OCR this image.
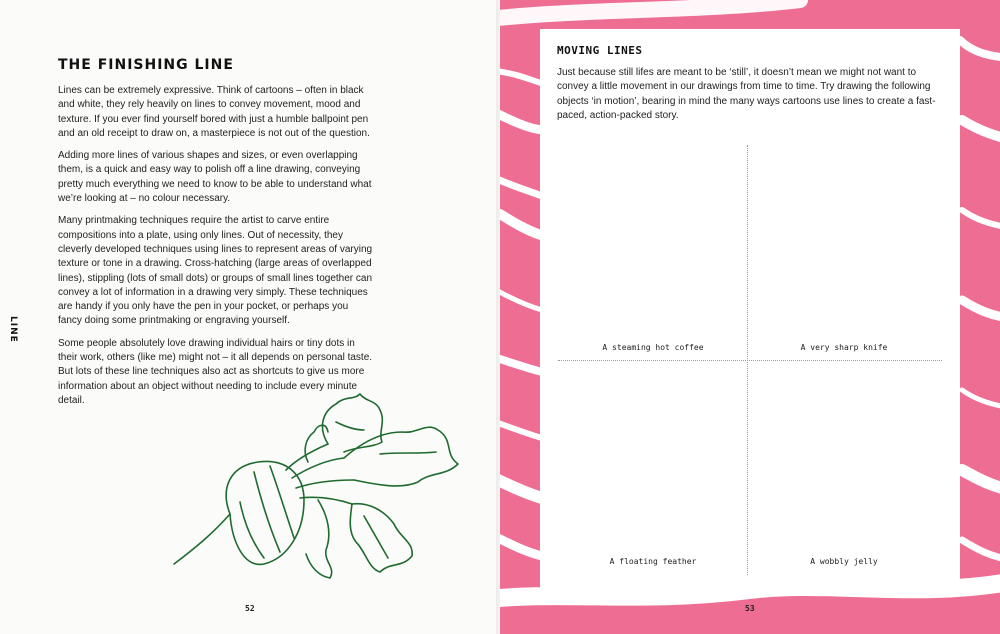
LINE
THE FINISHING LINE

Lines can be extremely expressive. Think of cartoons – often in black and white, they rely heavily on lines to convey movement, mood and texture. If you ever find yourself bored with just a humble ballpoint pen and an old receipt to draw on, a masterpiece is not out of the question.

Adding more lines of various shapes and sizes, or even overlapping them, is a quick and easy way to polish off a line drawing, conveying pretty much everything we need to know to be able to understand what we’re looking at – no colour necessary.

Many printmaking techniques require the artist to carve entire compositions into a plate, using only lines. Out of necessity, they cleverly developed techniques using lines to represent areas of varying texture or tone in a drawing. Cross-hatching (large areas of overlapped lines), stippling (lots of small dots) or groups of small lines together can convey a lot of information in a drawing very simply. These techniques are handy if you only have the pen in your pocket, or perhaps you fancy doing some printmaking or engraving yourself.

Some people absolutely love drawing individual hairs or tiny dots in their work, others (like me) might not – it all depends on personal taste. But lots of these line techniques also act as shortcuts to give us more information about an object without needing to include every minute detail.

52	53
MOVING LINES

Just because still lifes are meant to be ‘still’, it doesn’t mean we might not want to convey a little movement in our drawings from time to time. Try drawing the following objects ‘in motion’, bearing in mind the many ways cartoons use lines to create a fast-paced, action-packed story.

A steaming hot coffee	A very sharp knife
A floating feather	A wobbly jelly
